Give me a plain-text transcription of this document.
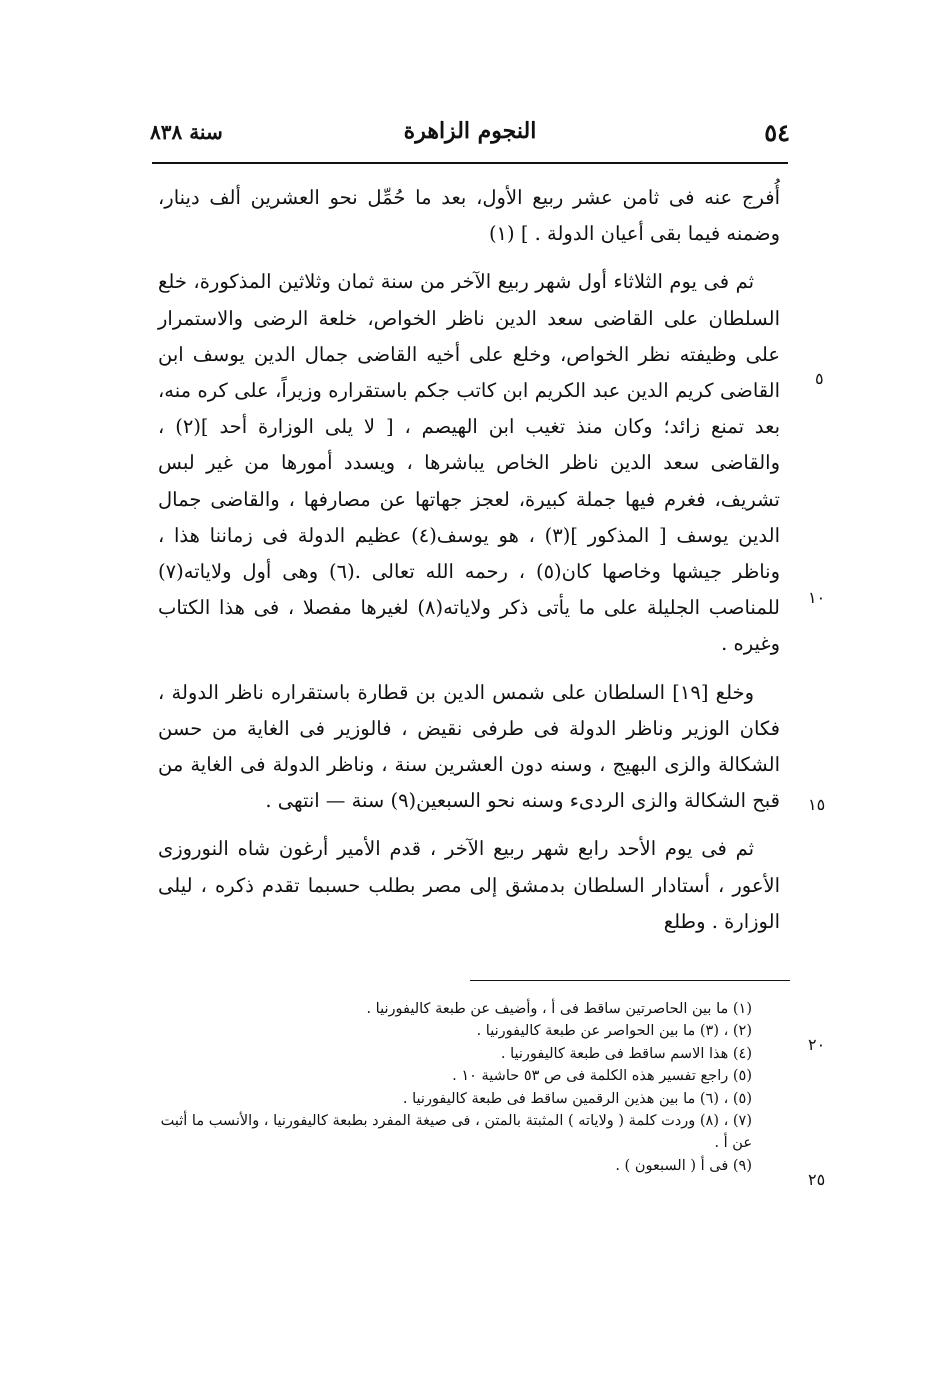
٥٤
النجوم الزاهرة
سنة ٨٣٨

أُفرج عنه فى ثامن عشر ربيع الأول، بعد ما حُمِّل نحو العشرين ألف دينار، وضمنه فيما بقى أعيان الدولة . ] (١)

ثم فى يوم الثلاثاء أول شهر ربيع الآخر من سنة ثمان وثلاثين المذكورة، خلع السلطان على القاضى سعد الدين ناظر الخواص، خلعة الرضى والاستمرار على وظيفته نظر الخواص، وخلع على أخيه القاضى جمال الدين يوسف ابن القاضى كريم الدين عبد الكريم ابن كاتب جكم باستقراره وزيراً، على كره منه، بعد تمنع زائد؛ وكان منذ تغيب ابن الهيصم ، [ لا يلى الوزارة أحد ](٢) ، والقاضى سعد الدين ناظر الخاص يباشرها ، ويسدد أمورها من غير لبس تشريف، فغرم فيها جملة كبيرة، لعجز جهاتها عن مصارفها ، والقاضى جمال الدين يوسف [ المذكور ](٣) ، هو يوسف(٤) عظيم الدولة فى زماننا هذا ، وناظر جيشها وخاصها كان(٥) ، رحمه الله تعالى .(٦) وهى أول ولاياته(٧) للمناصب الجليلة على ما يأتى ذكر ولاياته(٨) لغيرها مفصلا ، فى هذا الكتاب وغيره .

وخلع [١٩] السلطان على شمس الدين بن قطارة باستقراره ناظر الدولة ، فكان الوزير وناظر الدولة فى طرفى نقيض ، فالوزير فى الغاية من حسن الشكالة والزى البهيج ، وسنه دون العشرين سنة ، وناظر الدولة فى الغاية من قبح الشكالة والزى الردىء وسنه نحو السبعين(٩) سنة — انتهى .

ثم فى يوم الأحد رابع شهر ربيع الآخر ، قدم الأمير أرغون شاه النوروزى الأعور ، أستادار السلطان بدمشق إلى مصر بطلب حسبما تقدم ذكره ، ليلى الوزارة . وطلع

٥
١٠
١٥
٢٠
٢٥

(١) ما بين الحاصرتين ساقط فى أ ، وأضيف عن طبعة كاليفورنيا .

(٢) ، (٣) ما بين الحواصر عن طبعة كاليفورنيا .

(٤) هذا الاسم ساقط فى طبعة كاليفورنيا .

(٥) راجع تفسير هذه الكلمة فى ص ٥٣ حاشية ١٠ .

(٥) ، (٦) ما بين هذين الرقمين ساقط فى طبعة كاليفورنيا .

(٧) ، (٨) وردت كلمة ( ولاياته ) المثبتة بالمتن ، فى صيغة المفرد بطبعة كاليفورنيا ، والأنسب ما أثبت عن أ .

(٩) فى أ ( السبعون ) .
